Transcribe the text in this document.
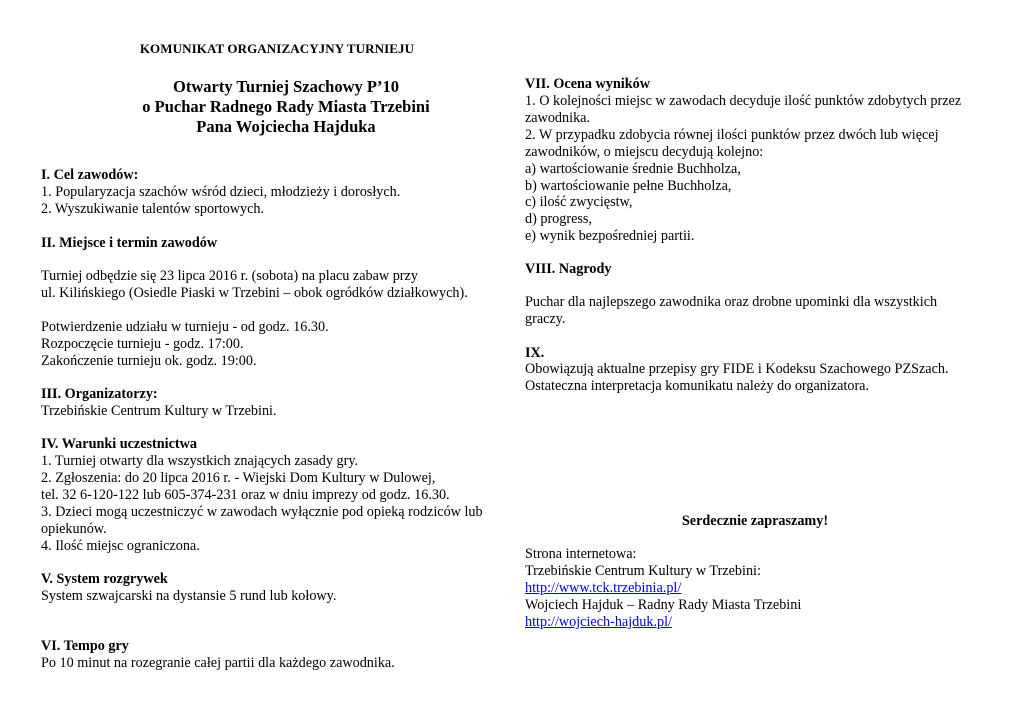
KOMUNIKAT ORGANIZACYJNY TURNIEJU
Otwarty Turniej Szachowy P’10
o Puchar Radnego Rady Miasta Trzebini
Pana Wojciecha Hajduka
I. Cel zawodów:
1. Popularyzacja szachów wśród dzieci, młodzieży i dorosłych.
2. Wyszukiwanie talentów sportowych.
II. Miejsce i termin zawodów
Turniej odbędzie się 23 lipca 2016 r. (sobota) na placu zabaw przy
ul. Kilińskiego (Osiedle Piaski w Trzebini – obok ogródków działkowych).
Potwierdzenie udziału w turnieju - od godz. 16.30.
Rozpoczęcie turnieju - godz. 17:00.
Zakończenie turnieju ok. godz. 19:00.
III. Organizatorzy:
Trzebińskie Centrum Kultury w Trzebini.
IV. Warunki uczestnictwa
1. Turniej otwarty dla wszystkich znających zasady gry.
2. Zgłoszenia: do 20 lipca 2016 r. - Wiejski Dom Kultury w Dulowej,
tel. 32 6-120-122 lub 605-374-231 oraz w dniu imprezy od godz. 16.30.
3. Dzieci mogą uczestniczyć w zawodach wyłącznie pod opieką rodziców lub
opiekunów.
4. Ilość miejsc ograniczona.
V. System rozgrywek
System szwajcarski na dystansie 5 rund lub kołowy.
VI. Tempo gry
Po 10 minut na rozegranie całej partii dla każdego zawodnika.
VII. Ocena wyników
1. O kolejności miejsc w zawodach decyduje ilość punktów zdobytych przez
zawodnika.
2. W przypadku zdobycia równej ilości punktów przez dwóch lub więcej
zawodników, o miejscu decydują kolejno:
a) wartościowanie średnie Buchholza,
b) wartościowanie pełne Buchholza,
c) ilość zwycięstw,
d) progress,
e) wynik bezpośredniej partii.
VIII. Nagrody
Puchar dla najlepszego zawodnika oraz drobne upominki dla wszystkich
graczy.
IX.
Obowiązują aktualne przepisy gry FIDE i Kodeksu Szachowego PZSzach.
Ostateczna interpretacja komunikatu należy do organizatora.
Serdecznie zapraszamy!
Strona internetowa:
Trzebińskie Centrum Kultury w Trzebini:
http://www.tck.trzebinia.pl/
Wojciech Hajduk – Radny Rady Miasta Trzebini
http://wojciech-hajduk.pl/
